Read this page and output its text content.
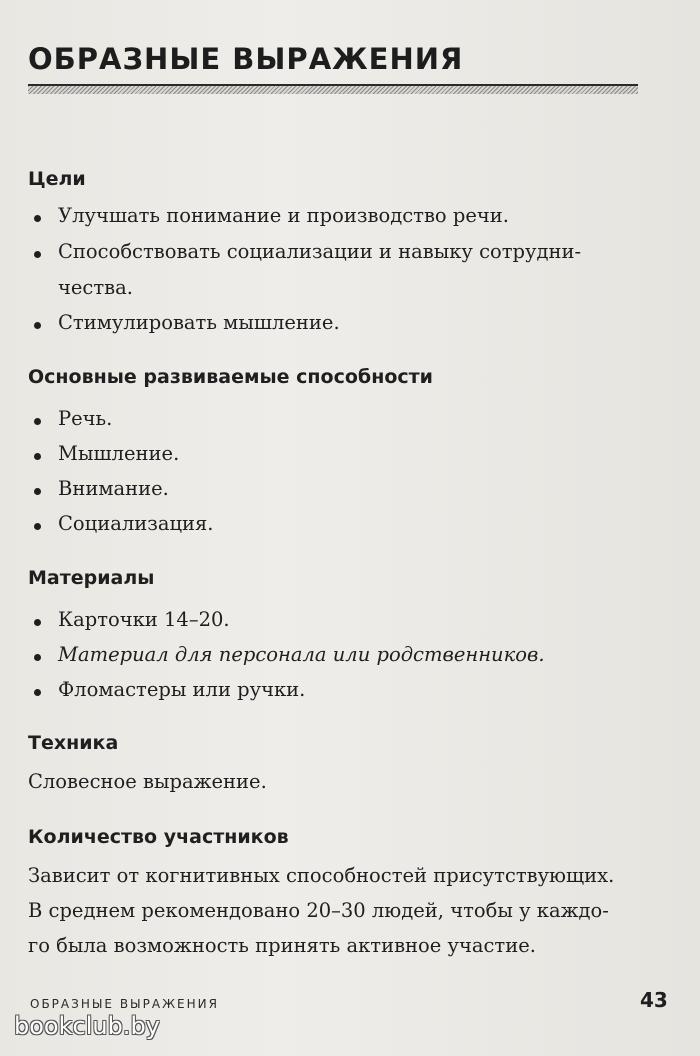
ОБРАЗНЫЕ ВЫРАЖЕНИЯ
Цели
Улучшать понимание и производство речи.
Способствовать социализации и навыку сотрудни-
чества.
Стимулировать мышление.
Основные развиваемые способности
Речь.
Мышление.
Внимание.
Социализация.
Материалы
Карточки 14–20.
Материал для персонала или родственников.
Фломастеры или ручки.
Техника
Словесное выражение.
Количество участников
Зависит от когнитивных способностей присутствующих.
В среднем рекомендовано 20–30 людей, чтобы у каждо-
го была возможность принять активное участие.
ОБРАЗНЫЕ ВЫРАЖЕНИЯ	43
bookclub.by
